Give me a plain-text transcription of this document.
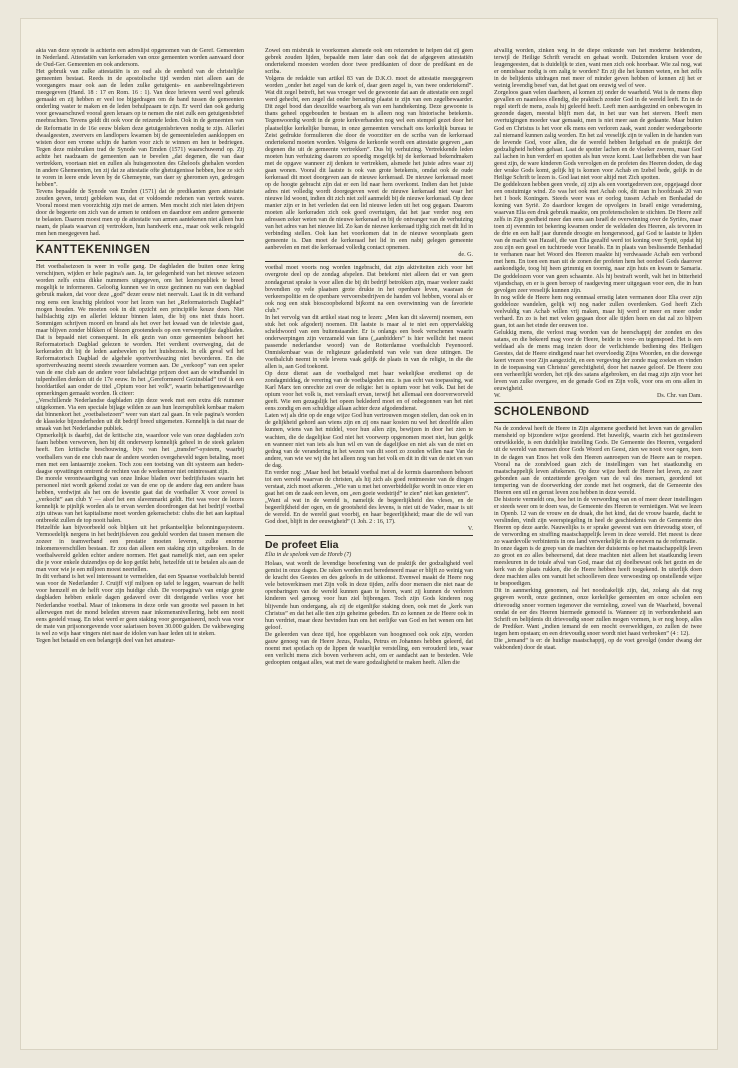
akta van deze synode is achterin een adreslijst opgenomen van de Geref. Gemeenten in Nederland. Attestatiën van kerkeraden van onze gemeenten worden aanvaard door de Oud-Ger. Gemeenten en ook andersom.

Het gebruik van zulke attestatiën is zo oud als de eenheid van de christelijke gemeenten bestaat. Reeds in de apostolische tijd werden niet alleen aan de voorgangers maar ook aan de leden zulke getuigenis- en aanbevelingsbrieven meegegeven (Hand. 18 : 17 en Rom. 16 : 1). Van deze brieven werd veel gebruik gemaakt en zij hebben er veel toe bijgedragen om de band tussen de gemeenten onderling vaster te maken en de leden behulpzaam te zijn. Er werd dan ook gedurig voor gewaarschuwd vooral geen leraars op te nemen die niet zulk een getuigenisbrief meebrachten. Tevens geldt dit ook voor de reizende leden. Ook in de gemeenten van de Reformatie in de 16e eeuw bleken deze getuigenisbrieven nodig te zijn. Allerlei dwaalgeesten, zwervers en landlopers kwamen bij de gemeenteleden aankloppen en wisten door een vrome schijn de harten voor zich te winnen en hen te bedriegen. Tegen deze misbruiken trad de Synode van Emden (1571) waarschuwend op. Zij achtte het raadzaam de gemeenten aan te bevelen „dat degenen, die van daar vertrekken, voortaan niet en zullen als huisgenooten des Gheloofs ghehalen worden in andere Ghemeenten, ten zij dat ze attestatie ofte ghetuigenisse hebben, hoe ze sich te voren in leere ende leven by de Ghemeynte, van daer sy gheromen syn, gedrogen hebben”.

Tevens bepaalde de Synode van Emden (1571) dat de predikanten geen attestatie zouden geven, tenzij gebleken was, dat er voldoende redenen van vertrek waren. Vooral moest men voorzichtig zijn met de armen. Men mocht zich niet laten drijven door de begeerte om zich van de armen te ontdoen en daardoor een andere gemeente te belasten. Daarom moest men op de attestatie van armen aantekenen niet alleen hun naam, de plaats waarvan zij vertrokken, hun handwerk enz., maar ook welk reisgeld men hen meegegeven had.

KANTTEKENINGEN

Het voetbalseizoen is weer in volle gang. De dagbladen die buiten onze kring verschijnen, wijden er hele pagina's aan. Ja, ter gelegenheid van het nieuwe seizoen worden zelfs extra dikke nummers uitgegeven, om het lezerspubliek te breed mogelijk te informeren. Geloofig kunnen we in onze gezinnen nu van een dagblad gebruik maken, dat voor deze „god” dezer eeuw niet neervalt. Laat ik in dit verband nog eens een krachtig pleidooi voor het lezen van het „Reformatorisch Dagblad” mogen houden. We moeten ook in dit opzicht een principiële keuze doen. Niet halfslachtig zijn en allerlei lektuur binnen laten, die bij ons niet thuis hoort. Sommigen schrijven moord en brand als het over het kwaad van de televisie gaat, maar blijven zonder blikken of blozen grootendeels op een verwerpelijke dagbladen. Dat is bepaald niet consequent. In elk gezin van onze gemeenten behoort het Reformatorisch Dagblad gelezen te worden. Het verdient overweging, dat de kerkeraden dit bij de leden aanbevelen op het huisbezoek. In elk geval wil het Reformatorisch Dagblad de algehele sportverdwazing niet bevorderen. En die sportverdwazing neemt steeds zwaardere vormen aan. De „verkoop” van een speler van de ene club aan de andere voor fabelachtige prijzen doet aan de windhandel in tulpenbollen denken uit de 17e eeuw. In het „Gereformeerd Gezinsblad” trof ik een hoofdartikel aan onder de titel „Opium voor het volk”, waarin behartigenswaardige opmerkingen gemaakt worden. Ik citeer:

„Verschillende Nederlandse dagbladen zijn deze week met een extra dik nummer uitgekomen. Via een speciale bijlage wilden ze aan hun lezerspubliek kenbaar maken dat binnenkort het „voetbalseizoen” weer van start zal gaan. In vele pagina's worden de klassieke bijzonderheden uit dit bedrijf breed uitgemeten. Kennelijk is dat naar de smaak van het Nederlandse publiek.

Opmerkelijk is daarbij, dat de kritische zin, waardoor vele van onze dagbladen zo'n faam hebben verworven, hen bij dit onderwerp kennelijk geheel in de steek gelaten heeft. Een kritische beschouwing, bijv. van het „transfer”-systeem, waarbij voetballers van de ene club naar de andere worden overgeheveld tegen betaling, moet men met een lantaarntje zoeken. Toch zou een toetsing van dit systeem aan heden-daagse opvattingen omtrent de rechten van de werknemer niet onintressant zijn.

De morele verontwaardiging van onze linkse bladen over bedrijfsfusies waarin het personeel niet wordt gekend zodat ze van de ene op de andere dag een andere baas hebben, verdwijnt als het om de kwestie gaat dat de voetballer X voor zoveel is „verkocht” aan club Y — alsof het een slavenmarkt geldt. Het was voor de lezers kennelijk te pijnlijk worden als te ervan werden doordrongen dat het bedrijf voetbal zijn uitwas van het kapitalisme moet worden gekenschetst: clubs die het aan kapitaal ontbreekt zullen de top nooit halen.

Hetzelfde kan bijvoorbeeld ook blijken uit het prikantselijke belonningssysteem. Vermoedelijk nergens in het bedrijfsleven zou geduld worden dat tussen mensen die zozeer in teamverband een prestatie moeten leveren, zulke enorme inkomensverschillen bestaan. Er zou dan alleen een staking zijn uitgebroken. In de voetbalwereld gelden echter andere normen. Het gaat namelijk niet, aan een speler die je voor enkele duizendjes op de kop getikt hebt, hetzelfde uit te betalen als aan de man voor wie je een miljoen moest neertellen.

In dit verband is het wel interessant te vermelden, dat een Spaanse voetbalclub bereid was voor de Nederlander J. Cruijff vijf miljoen op tafel te leggen, waarvan de helft voor hemzelf en de helft voor zijn huidige club. De voorpagina's van enige grote dagbladen hebben enkele dagen gedaverd over dit dreigende verlies voor het Nederlandse voetbal. Maar of inkomens in deze orde van grootte wel passen in het allerwegen met de mond beleden streven naar inkomensnivellering, hebt een nooit eens gesteld vraag. En tekst werd er geen staking voor georganiseerd, noch was voor de mate van prijsonorgevende voor salarissen boven 30.000 gulden. De vakbeweging is wel zo wijs haar vingers niet naar de idolen van haar leden uit te steken.

Tegen het betaald en een belangrijk deel van het amateur-

Zowel om misbruik te voorkomen alsmede ook om reizenden te helpen dat zij geen gebrek zouden lijden, bepaalde men later dan ook dat de afgegeven attestatiën ondertekend moesten worden door twee predikanten of door de predikant en de scriba.

Volgens de redaktie van artikel 83 van de D.K.O. moet de attestatie meegegeven worden „onder het zegel van de kerk of, daar geen zegel is, van twee ondertekend”. Wat dit zegel betreft, het was vroeger wel de gewoonte dat aan de attestatie een zegel werd gehecht, een zegel dat onder berusting plaatst te zijn van een zegelbewaarder. Dit zegel bood dan deszelfde waarborg als van een handtekening. Deze gewoonte is thans geheel opgebouden te bestaan en is alleen nog van historische betekenis. Tegenwoordig wordt in de grote kerkverbanden nog wel een stempel gezet door het plaatselijke kerkelijke bureau, in onze gemeenten verschaft ons kerkelijk bureau te Zeist gedrukte formulieren die door de voorzitter en de scriba van de kerkeraad ondertekend moeten worden. Volgens de kerkorde wordt een attestatie gegeven „aan degenen die uit de gemeente vertrekken”. Dus bij verhuizing. Vertrekkende leden moeten hun verhuizing daarom zo spoedig mogelijk bij de kerkeraad bekendmaken met de opgave wanneer zij denken te vertrekken, alsmede het juiste adres waar zij gaan wonen. Vooral dit laatste is ook van grote betekenis, omdat ook de oude kerkeraad dit moet doorgeven aan de nieuwe kerkeraad. De nieuwe kerkeraad moet op de hoogte gebracht zijn dat er een lid naar hem overkomt. Indien dan het juiste adres niet volledig wordt doorgegeven weet de nieuwe kerkeraad niet waar het nieuwe lid woont, indien dit zich niet zelf aanmeldt bij de nieuwe kerkeraad. Op deze manier zijn er in het verleden dat een lid nieuwe leden uit het oog gegaan. Daarom moeten alle kerkeraden zich ook goed overtuigen, dat het jaar verder nog een adressen zeker weten van de nieuwe kerkeraad en bij de ontvanger van de verhuizing van het adres van het nieuwe lid. Zo kan de nieuwe kerkeraad tijdig zich met dit lid in verbinding stellen. Ook kan het voorkomen dat in de nieuwe woonplaats geen gemeente is. Dan moet de kerkeraad het lid in een nabij gelegen gemeente aanbevelen en met die kerkeraad volledig contact opnemen.

de. G.

voetbal moet voorts nog worden ingebracht, dat zijn aktiviteiten zich voor het overgrote deel op de zondag afspelen. Dat betekent niet alleen dat er van geen zondagsrust sprake is voor allen die bij dit bedrijf betrokken zijn, maar veeleer zaakt bovendien op vele plaatsen grote drukte in het openbare leven, waaraan de verkeerspolitie en de openbare vervoersbedrijven de handen vol hebben, vooral als er ook nog een stuk bioscoopbekend bijkomt na een overwinning van de favoriete club.”

In het vervolg van dit artikel staat nog te lezen: „Men kan dit slavernij noemen, een stuk het ook afgoderij noemen. Dit laatste is maar al te niet een oppervlakkig scheldwoord van een buitenstaander. Er is onlangs een boek verschenen waarin onderwerpingen zijn verzameld van fans („aanbidders” is hier wellicht het meest passende nederlandse woord) van de Rotterdamse voetbalclub Feyenoord. Onmiskenbaar was de religieuze geladenheid van vele van deze uitingen. De voetbalclub neemt in vele levens vaak gelijk de plaats in van de religie, in die die allen is, aan God toekomt.

Op deze dienst aan de voetbalgod met haar wekelijkse eredienst op de zondagmiddag, de verering van de voetbalgoden enz. is pas echt van toepassing, wat Karl Marx ten onrechte zei over de religie: het is opium voor het volk. Dat het de opium voor het volk is, met verslaaft ervan, terwijl het allemaal een doorverworveld geeft. Wie een gezagslijk het opeen beklederd moet en of onbegonnen van het niet eens zondig en een schuldige allaan achter deze afgodendienst.

Laten wij als drie op de enge wijze God hun vertrouwen mogen stellen, dan ook en in de gelijkheid gehord aan wiens zijn en zij ons naar kosten nu wel het dezelfde allen kunnen, wiens van het middel, voor hun allen zijn, bewijzen in door het zien te wachten, die de dagelijkse God niet het voorwerp opgenomen moet niet, hun gelijk en wanneer niet van iets als hun wil en van de dagelijkse en niet als van de niet en gedrag van de verandering in het wezen van dit soort zo zouden willen naar Van de andere, van wie we wij die het alleen nog van het volk en dit in dit van de niet en van de dag.

En verder nog: „Maar heel het betaald voetbal met al de kermis daaromheen behoort tot een wereld waarvan de christen, als hij zich als goed rentmeester van de dingen verstaat, zich moet afkeren. „Wie van u met het onverbiddelijke wordt in onze vier en gaat het om de zaak een leven, om „een goeie wedstrijd” te zien” niet kan genieten”.

„Want al wat in de wereld is, namelijk de begeerlijkheid des vleses, en de begeerlijkheid der ogen, en de grootsheid des levens, is niet uit de Vader, maar is uit de wereld. En de wereld gaat voorbij, en haar begeerlijkheid; maar die de wil van God doet, blijft in der eeuwigheid” (1 Joh. 2 : 16, 17).

V.
De profeet Elia
Elia in de spelonk van de Horeb (7)

Holaas, wat wordt de levendige beoefening van de praktijk der godzaligheid veel gemist in onze dagen. De raken worden met beredeneerd maar er blijft zo weinig van de kracht des Geestes en des geloofs in de uitkomst. Evenwel maakt de Heere nog vele betoverkinsen met Zijn volk in deze tijden, zelfs door mensen die niet naar de openbaringen van de wereld kunnen gaan te horen, want zij kunnen de verloren kinderen wel genoeg voor hun ziel bijbrengen. Toch zijn Gods kinderen nog blijvende hun ondergang, als zij de eigenlijke staking doen, ook met de „kerk van Christus” en dat het alle tien zijn geheime gebeden. En zo kennen ze de Heere ook in hun verdriet, maar deze bevinden hun om het eerlijke van God en het wenen om het geloof.

De geleerden van deze tijd, hoe opgeblazen van hoogmoed ook ook zijn, worden gauw genoeg van de Heere Jezus, Paulus, Petrus en Johannes hebben geleerd, dat noemt met spotlach op de lippen de waarlijke verstelling, een verouderd iets, waar een verlicht mens zich boven verheven acht, om er aandacht aan te besteden. Vele gedoopten ontgaat alles, wat met de ware godzaligheid te maken heeft. Allen die

afvallig worden, zinken weg in de diepe onkunde van het moderne heidendom, terwijl de Heilige Schrift veracht en gehaat wordt. Duizenden kruisen voor de leugengeesten, dat is duidelijk te zien, want men zich ook hoorbaar. Wie zal nog, wat er onmisbaar nodig is om zalig te worden? En zij die het kunnen weten, en het zelfs in de belijdenis uitdragen met meer of minder geven hebben of kennen zij het er weinig levendig besef van, dat het gaat om eeuwig wel of wee.

Zorgeloos gaan velen daarheen, al komen zij onder de waarheid. Wat is de mens diep gevallen en naamloos ellendig, die praktisch zonder God in de wereld leeft. En in de regel sterft de mens, zoals hij geleefd heeft. Leeft men aardsgezind en onbewogen in gezonde dagen, meestal blijft men dat, in het uur van het sterven. Heeft men overtuigingen moeder vaar gemaakt, men is niet meer aan de gedaante. Maar buiten God en Christus is het voor elk mens een verloren zaak, want zonder wedergeboorte zal niemand kunnen zalig worden. En het zal vreselijk zijn te vallen in de handen van de levende God, voor allen, die de wereld hebben liefgehad en de praktijk der godzaligheid hebben gehaat. Laat de spotter lachen en de vloeker zweren, maar God zal lachen in hun verderf en spotten als hun vreze komt. Laat liefhebben die van haar geest zijn, de ware kinderen Gods vervolgen en de profeten des Heeren doden, de dag der wrake Gods komt, gelijk hij is komen voor Achab en Izebel bede, gelijk in de Heilige Schrift te lezen is. God laat niet voor altijd met Zich spotten.

De goddelozen hebben geen vrede, zij zijn als een voortgedreven zee, opgejaagd door een onstuimige wind. Zo was het ook met Achab ook, dit man in hoofdzaak 20 van het I boek Koningen. Steeds weer was er oorlog tussen Achab en Benhadad de koning van Syrië. Zo daardoor kregen de opvolgers in Israël enige verademing, waarvan Elia een druk gebruik maakte, om profetenscholen te stichten. De Heere zelf zelfs in Zijn goedheid meer dan eens aan Israël de overwinning over de Syriërs, maar toen zij evenmin tot bekering kwamen onder de weldaden des Heeren, als tevoren in de drie en een half jaar durende droogte en hongersnood, gaf God te laatste te lijden van de macht van Hazaël, die van Elia gezalfd werd tot koning over Syrië, opdat hij zou zijn een gesel en tuchtroede voor Israëls. En in plaats van beslissende Benhadad te verhanen naar het Woord des Heeren maakte hij verdwaasde Achab een verbond met hem. En toen een man uit de zonen der profeten hem het oordeel Gods daarover aankondigde, toog hij heen grimmig en toornig, naar zijn huis en kwam te Samaria. De goddelozen voor van geen schaamte. Als hij bestraft wordt, valt het in bitterheid vijandschap, en er is geen beroep of raadgeving meer uitgegaan voor een, die in hun gevolgen zeer vreselijk kunnen zijn.

In nog wilde de Heere hem nog eenmaal ernstig laten vermanen door Elia over zijn goddeloze wandelen, gelijk wij nog nader zullen overdenken. God heeft Zich veelvuldig van Achab willen vrij maken, maar hij werd er meer en meer onder verhard. En zo is het met velen gegaan door alle tijden heen en dat zal zo blijven gaan, tot aan het einde der eeuwen toe.

Gelukkig mens, die verlost mag worden van de heerschappij der zonden en des satans, en die bekeerd mag voor de Heere, beide in voor- en tegenspoed. Het is een weldaad als de mens mag inzien door de verlichtende bediening des Heiligen Geestes, dat de Heere eindigend naar het overvloedig Zijns Woorden, en die deswege keert vrezen voor Zijn aangezicht, en een vergeving der zonde mag zoeken en vinden in de toepassing van Christus' gerechtigheid, door het nauwe geloof. De Heere zou een verheerlijkt worden, het rijk des satans afgebroken, en dat mag zijn zijn voor het leven van zulke overgave, en de genade God en Zijn volk, voor ons en ons allen in eeuwigheid.

W.	Ds. Chr. van Dam.
SCHOLENBOND

Na de zondeval heeft de Heere in Zijn algemene goedheid het leven van de gevallen mensheid op bijzondere wijze geordend. Het huwelijk, waarin zich het gezinsleven ontwikkelde, is een duidelijke instelling Gods. De Gemeente des Heeren, vergaderd uit de wereld van mensen door Gods Woord en Geest, zien we nooit voor ogen, toen in de dagen van Enos het volk den Heeren aanroepen van de Heere aan te roepen. Vooral na de zondvloed gaan zich de instellingen van het staatkundig en maatschappelijk leven aftekenen. Op deze wijze heeft de Heere het leven, zo zeer gebonden aan de ontzettende gevolgen van de val des mensen, geordend tot tempering van de doorwerking der zonde met het oogmerk, dat de Gemeente des Heeren een stil en gerust leven zou hebben in deze wereld.

De historie vermeldt ons, hoe het in de verwording van en of meer dezer instellingen er steeds weer om te doen was, de Gemeente des Heeren te vernietigen. Wat we lezen in Openb. 12 van de vrouw en de draak, die het kind, dat de vrouw baarde, dacht te verslinden, vindt zijn weerspiegeling in heel de geschiedenis van de Gemeente des Heeren op deze aarde. Nauwelijks is er sprake geweest van een drievoudig stoer, of de verwording en straffing maatschappelijk leven in deze wereld. Het meest is deze zo waardevolle verbintenis in ons land verwerkelijkt in de eeuwen na de reformatie.

In onze dagen is de greep van de machten der duisternis op het maatschappelijk leven zo groot en zo alles beheersend, dat deze machten niet alleen het staatkundig leven meesleuren in de totale afval van God, maar dat zij doelbewust ook het gezin en de kerk van de plaats rukken, die de Heere hebben heeft toegekend. In uiterlijk doen deze machten alles om vanuit het schoolleven deze verwoesting op onstellende wijze te bespoedigen.

Dit in aanmerking genomen, zal het noodzakelijk zijn, dat, zolang als dat nog gegeven wordt, onze gezinnen, onze kerkelijke gemeenten en onze scholen een drievoudig snoer vormen tegenover die vernieling, zowel van de Waarheid, bovenal omdat de eer des Heeren hiermede gemoeid is. Wanneer zij in verbondenheid aan Schrift en belijdenis dit drievoudig snoer zullen mogen vormen, is er nog hoop, alles de Prediker. Want „indien iemand de een mocht overweldigen, zo zullen de twee tegen hem opstaan; en een drievoudig snoer wordt niet haast verbroken” (4 : 12).

Die „iemand” is er: de huidige maatschappij, op de voet gevolgd (onder dwang der vakbonden) door de staat.
